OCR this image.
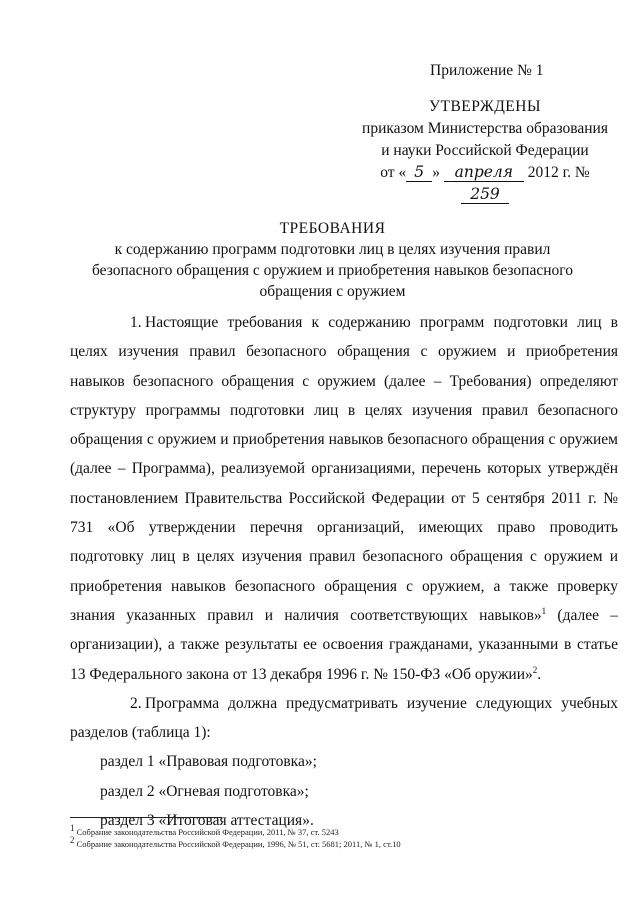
Приложение № 1
УТВЕРЖДЕНЫ
приказом Министерства образования
и науки Российской Федерации
от « 5 » апреля 2012 г. № 259
ТРЕБОВАНИЯ
к содержанию программ подготовки лиц в целях изучения правил
безопасного обращения с оружием и приобретения навыков безопасного
обращения с оружием

1. Настоящие требования к содержанию программ подготовки лиц в целях изучения правил безопасного обращения с оружием и приобретения навыков безопасного обращения с оружием (далее – Требования) определяют структуру программы подготовки лиц в целях изучения правил безопасного обращения с оружием и приобретения навыков безопасного обращения с оружием (далее – Программа), реализуемой организациями, перечень которых утверждён постановлением Правительства Российской Федерации от 5 сентября 2011 г. № 731 «Об утверждении перечня организаций, имеющих право проводить подготовку лиц в целях изучения правил безопасного обращения с оружием и приобретения навыков безопасного обращения с оружием, а также проверку знания указанных правил и наличия соответствующих навыков»$^1$ (далее – организации), а также результаты ее освоения гражданами, указанными в статье 13 Федерального закона от 13 декабря 1996 г. № 150-ФЗ «Об оружии»$^2$.

2. Программа должна предусматривать изучение следующих учебных разделов (таблица 1):

раздел 1 «Правовая подготовка»;

раздел 2 «Огневая подготовка»;

раздел 3 «Итоговая аттестация».

$^1$ Собрание законодательства Российской Федерации, 2011, № 37, ст. 5243

$^2$ Собрание законодательства Российской Федерации, 1996, № 51, ст. 5681; 2011, № 1, ст.10
